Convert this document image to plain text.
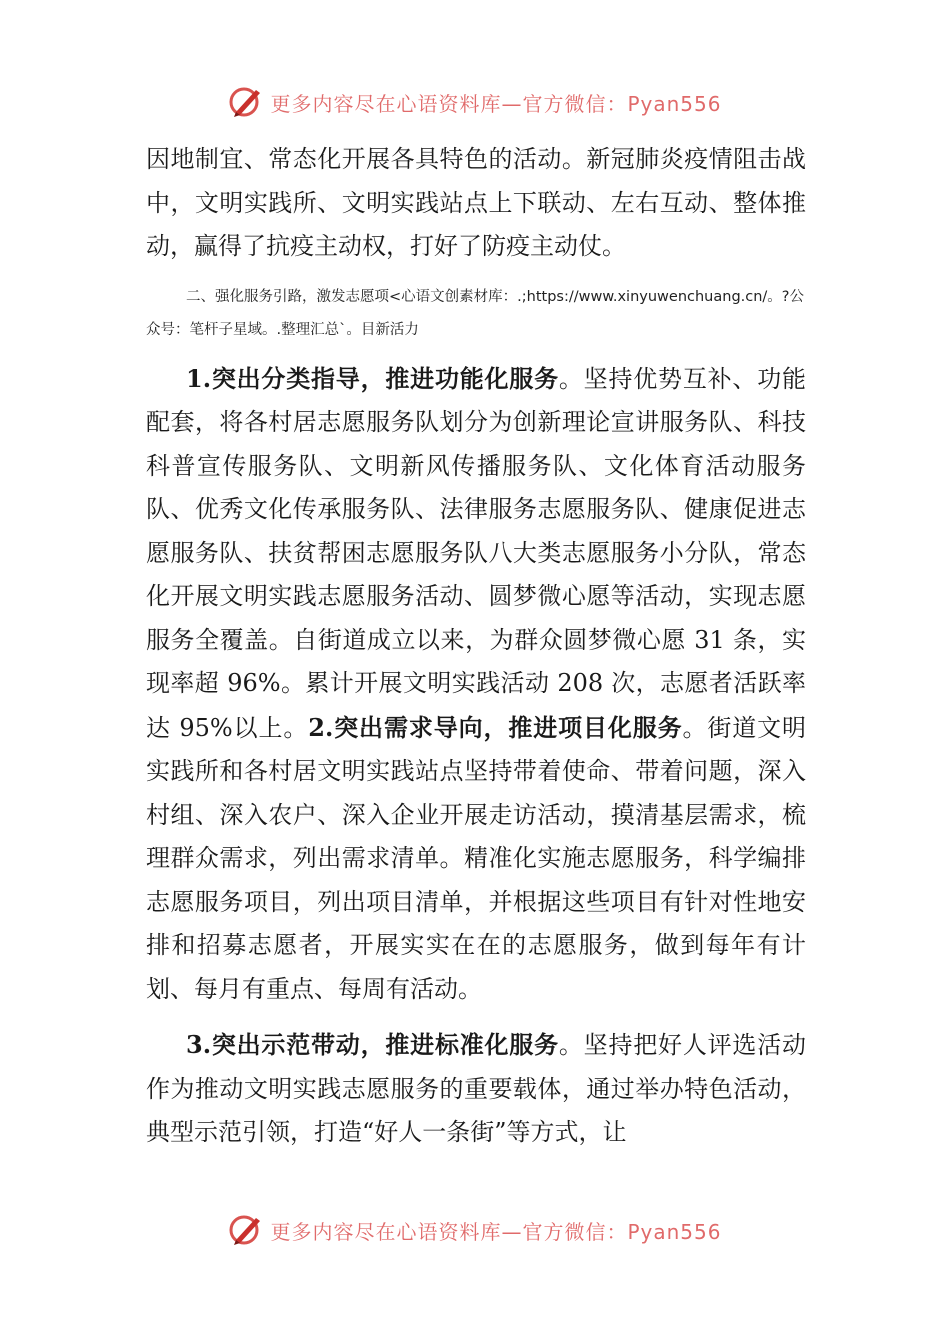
更多内容尽在心语资料库—官方微信：Pyan556

因地制宜、常态化开展各具特色的活动。新冠肺炎疫情阻击战中，文明实践所、文明实践站点上下联动、左右互动、整体推动，赢得了抗疫主动权，打好了防疫主动仗。

二、强化服务引路，激发志愿项<心语文创素材库：.;https://www.xinyuwenchuang.cn/。?公众号：笔杆子星域。.整理汇总`。目新活力

1.突出分类指导，推进功能化服务。坚持优势互补、功能配套，将各村居志愿服务队划分为创新理论宣讲服务队、科技科普宣传服务队、文明新风传播服务队、文化体育活动服务队、优秀文化传承服务队、法律服务志愿服务队、健康促进志愿服务队、扶贫帮困志愿服务队八大类志愿服务小分队，常态化开展文明实践志愿服务活动、圆梦微心愿等活动，实现志愿服务全覆盖。自街道成立以来，为群众圆梦微心愿 31 条，实现率超 96%。累计开展文明实践活动 208 次，志愿者活跃率达 95%以上。2.突出需求导向，推进项目化服务。街道文明实践所和各村居文明实践站点坚持带着使命、带着问题，深入村组、深入农户、深入企业开展走访活动，摸清基层需求，梳理群众需求，列出需求清单。精准化实施志愿服务，科学编排志愿服务项目，列出项目清单，并根据这些项目有针对性地安排和招募志愿者，开展实实在在的志愿服务，做到每年有计划、每月有重点、每周有活动。

3.突出示范带动，推进标准化服务。坚持把好人评选活动作为推动文明实践志愿服务的重要载体，通过举办特色活动，典型示范引领，打造“好人一条街”等方式，让

更多内容尽在心语资料库—官方微信：Pyan556
